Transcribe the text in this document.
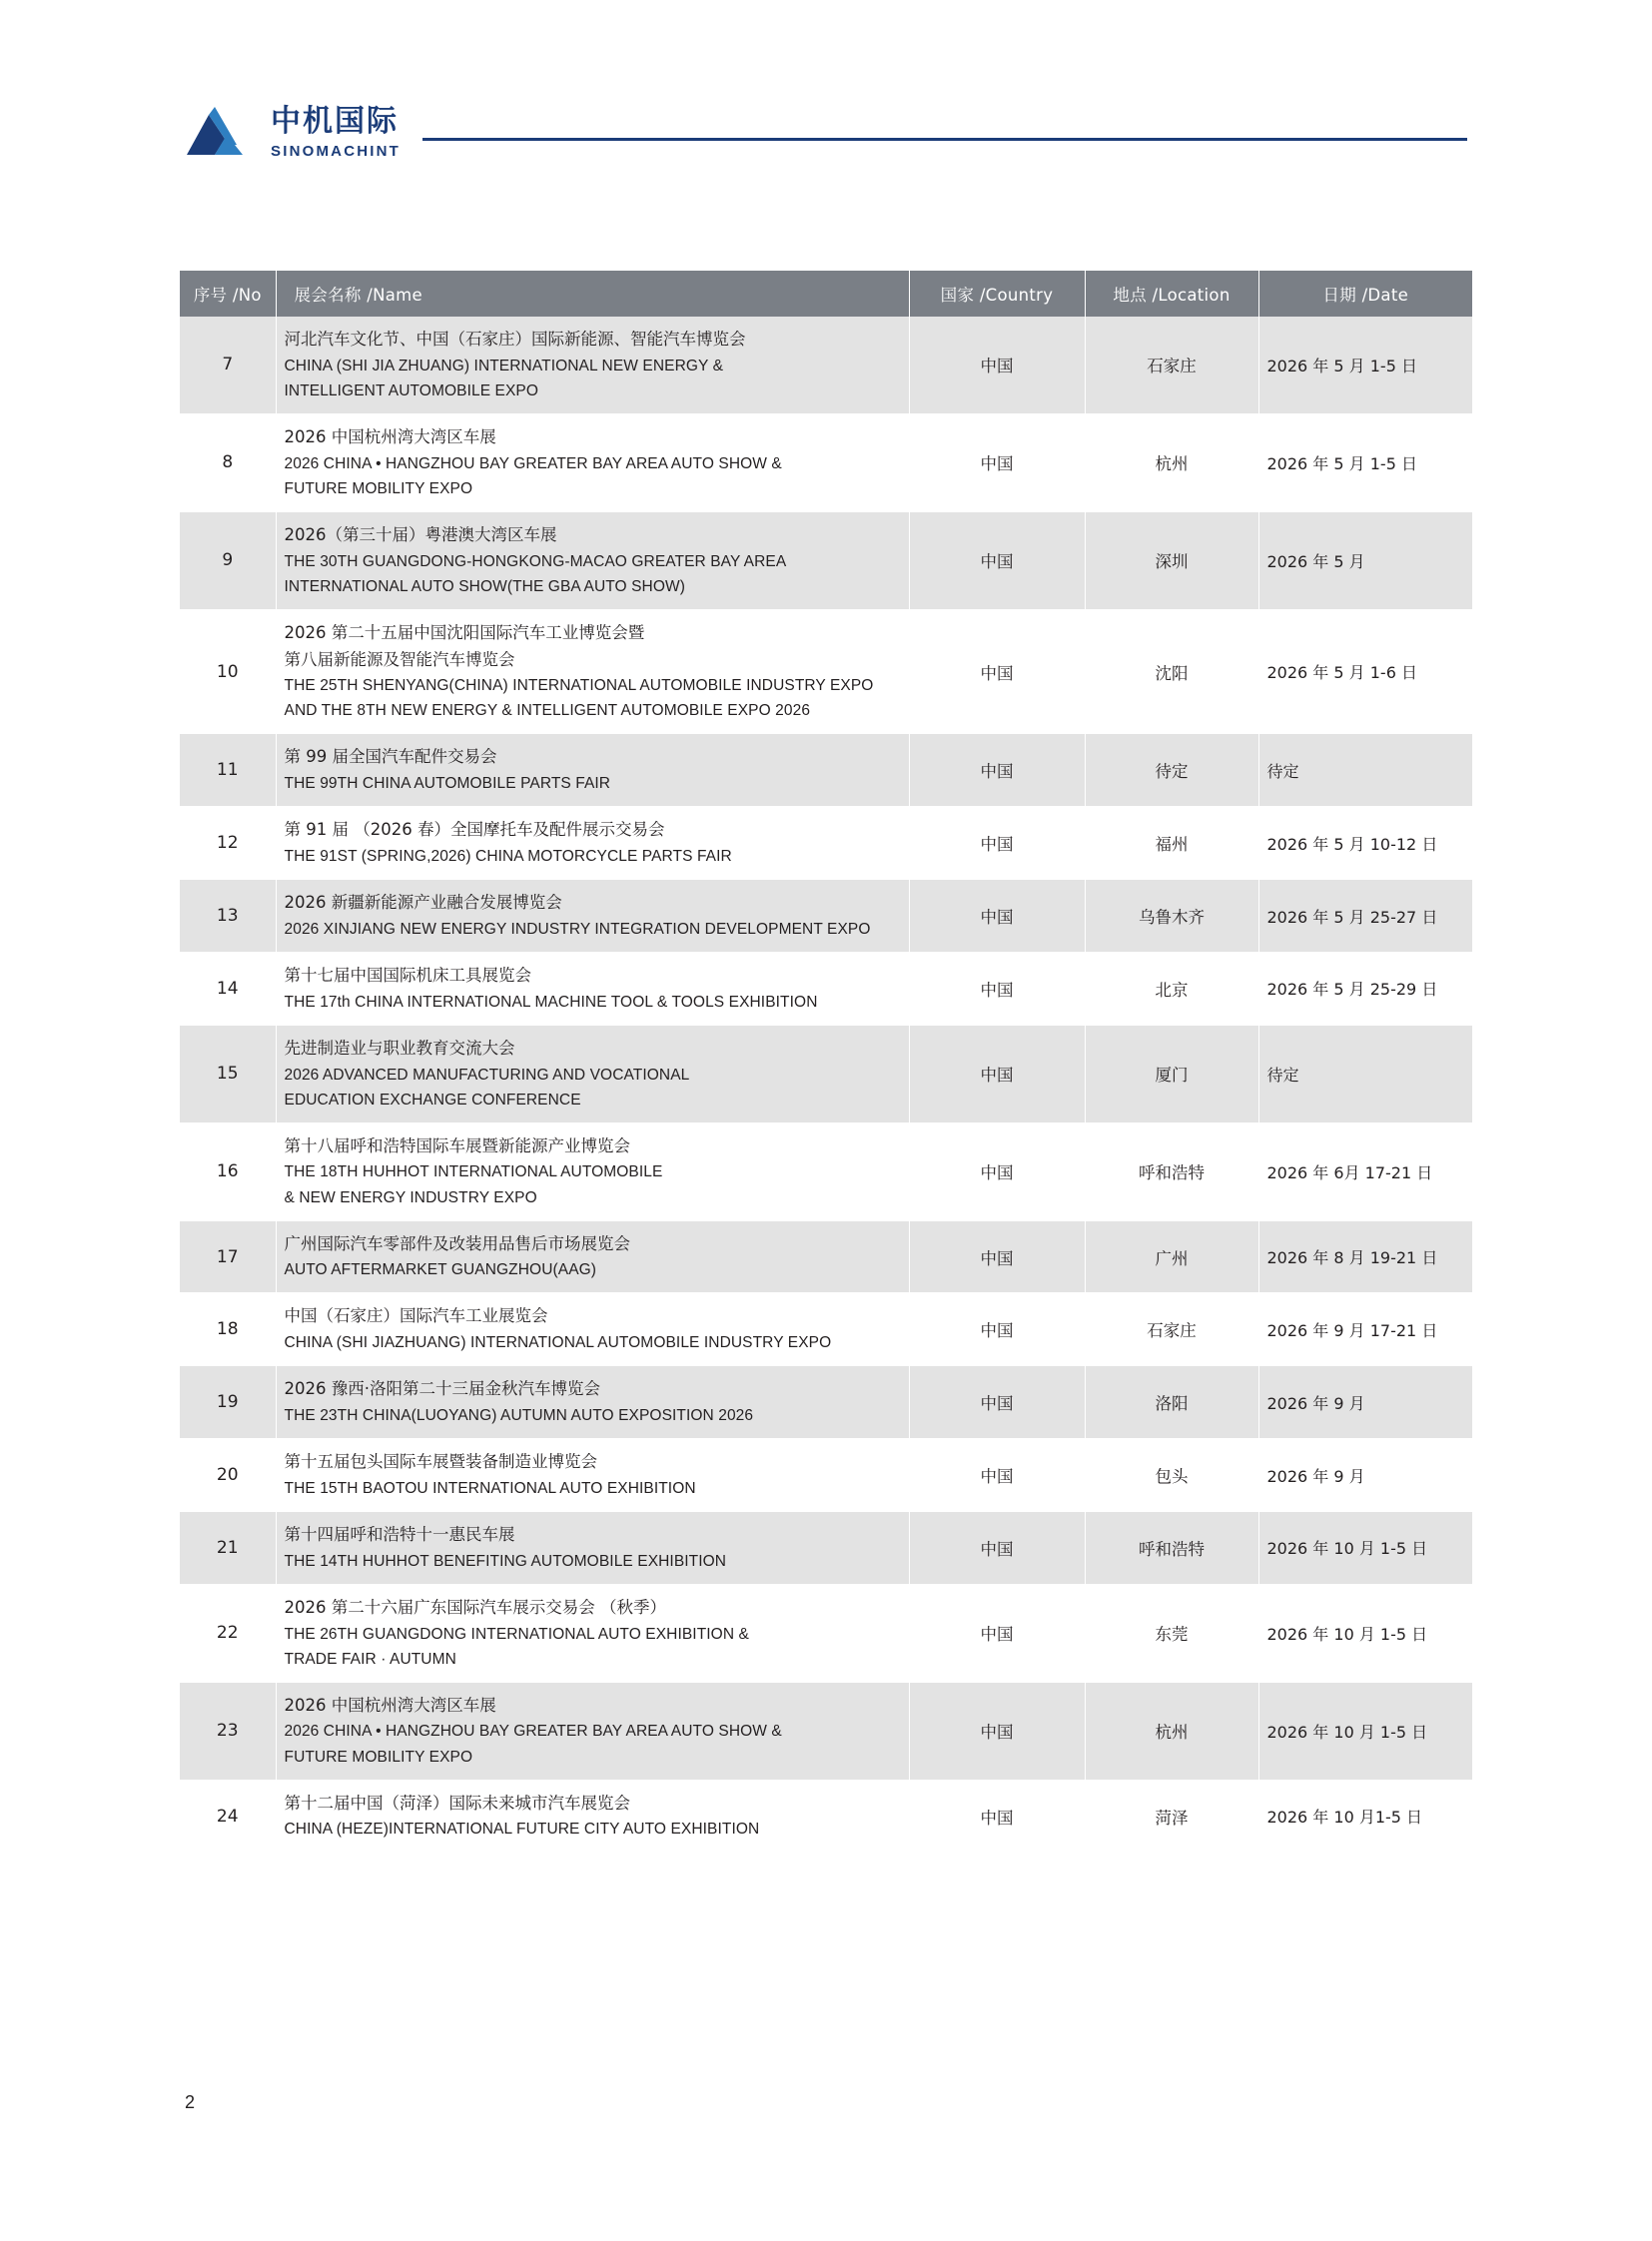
中机国际
SINOMACHINT
序号 /No	展会名称 /Name	国家 /Country	地点 /Location	日期 /Date
7	河北汽车文化节、中国（石家庄）国际新能源、智能汽车博览会
CHINA (SHI JIA ZHUANG) INTERNATIONAL NEW ENERGY &
INTELLIGENT AUTOMOBILE EXPO	中国	石家庄	2026 年 5 月 1-5 日
8	2026 中国杭州湾大湾区车展
2026 CHINA • HANGZHOU BAY GREATER BAY AREA AUTO SHOW &
FUTURE MOBILITY EXPO	中国	杭州	2026 年 5 月 1-5 日
9	2026（第三十届）粤港澳大湾区车展
THE 30TH GUANGDONG-HONGKONG-MACAO GREATER BAY AREA
INTERNATIONAL AUTO SHOW(THE GBA AUTO SHOW)	中国	深圳	2026 年 5 月
10	2026 第二十五届中国沈阳国际汽车工业博览会暨
第八届新能源及智能汽车博览会
THE 25TH SHENYANG(CHINA) INTERNATIONAL AUTOMOBILE INDUSTRY EXPO
AND THE 8TH NEW ENERGY & INTELLIGENT AUTOMOBILE EXPO 2026	中国	沈阳	2026 年 5 月 1-6 日
11	第 99 届全国汽车配件交易会
THE 99TH CHINA AUTOMOBILE PARTS FAIR	中国	待定	待定
12	第 91 届 （2026 春）全国摩托车及配件展示交易会
THE 91ST (SPRING,2026) CHINA MOTORCYCLE PARTS FAIR	中国	福州	2026 年 5 月 10-12 日
13	2026 新疆新能源产业融合发展博览会
2026 XINJIANG NEW ENERGY INDUSTRY INTEGRATION DEVELOPMENT EXPO	中国	乌鲁木齐	2026 年 5 月 25-27 日
14	第十七届中国国际机床工具展览会
THE 17th CHINA INTERNATIONAL MACHINE TOOL & TOOLS EXHIBITION	中国	北京	2026 年 5 月 25-29 日
15	先进制造业与职业教育交流大会
2026 ADVANCED MANUFACTURING AND VOCATIONAL
EDUCATION EXCHANGE CONFERENCE	中国	厦门	待定
16	第十八届呼和浩特国际车展暨新能源产业博览会
THE 18TH HUHHOT INTERNATIONAL AUTOMOBILE
& NEW ENERGY INDUSTRY EXPO	中国	呼和浩特	2026 年 6月 17-21 日
17	广州国际汽车零部件及改装用品售后市场展览会
AUTO AFTERMARKET GUANGZHOU(AAG)	中国	广州	2026 年 8 月 19-21 日
18	中国（石家庄）国际汽车工业展览会
CHINA (SHI JIAZHUANG) INTERNATIONAL AUTOMOBILE INDUSTRY EXPO	中国	石家庄	2026 年 9 月 17-21 日
19	2026 豫西·洛阳第二十三届金秋汽车博览会
THE 23TH CHINA(LUOYANG) AUTUMN AUTO EXPOSITION 2026	中国	洛阳	2026 年 9 月
20	第十五届包头国际车展暨装备制造业博览会
THE 15TH BAOTOU INTERNATIONAL AUTO EXHIBITION	中国	包头	2026 年 9 月
21	第十四届呼和浩特十一惠民车展
THE 14TH HUHHOT BENEFITING AUTOMOBILE EXHIBITION	中国	呼和浩特	2026 年 10 月 1-5 日
22	2026 第二十六届广东国际汽车展示交易会 （秋季）
THE 26TH GUANGDONG INTERNATIONAL AUTO EXHIBITION &
TRADE FAIR · AUTUMN	中国	东莞	2026 年 10 月 1-5 日
23	2026 中国杭州湾大湾区车展
2026 CHINA • HANGZHOU BAY GREATER BAY AREA AUTO SHOW &
FUTURE MOBILITY EXPO	中国	杭州	2026 年 10 月 1-5 日
24	第十二届中国（菏泽）国际未来城市汽车展览会
CHINA (HEZE)INTERNATIONAL FUTURE CITY AUTO EXHIBITION	中国	菏泽	2026 年 10 月1-5 日
2
